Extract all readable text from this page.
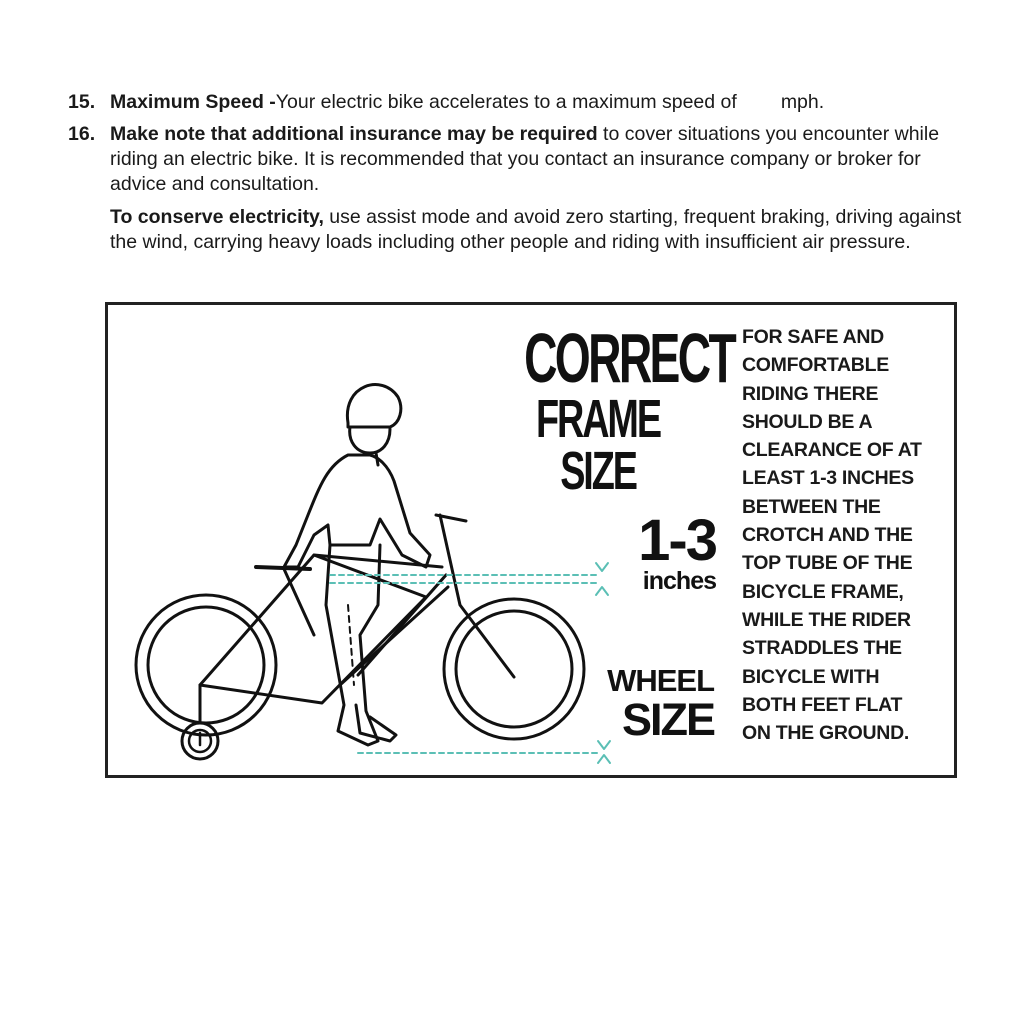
15. Maximum Speed -Your electric bike accelerates to a maximum speed of mph.
16. Make note that additional insurance may be required to cover situations you encounter while riding an electric bike. It is recommended that you contact an insurance company or broker for advice and consultation.
To conserve electricity, use assist mode and avoid zero starting, frequent braking, driving against the wind, carrying heavy loads including other people and riding with insufficient air pressure.
CORRECT
FRAME SIZE
1-3
inches
WHEEL
SIZE
FOR SAFE AND
COMFORTABLE
RIDING THERE
SHOULD BE A
CLEARANCE OF AT
LEAST 1-3 INCHES
BETWEEN THE
CROTCH AND THE
TOP TUBE OF THE
BICYCLE FRAME,
WHILE THE RIDER
STRADDLES THE
BICYCLE WITH
BOTH FEET FLAT
ON THE GROUND.
